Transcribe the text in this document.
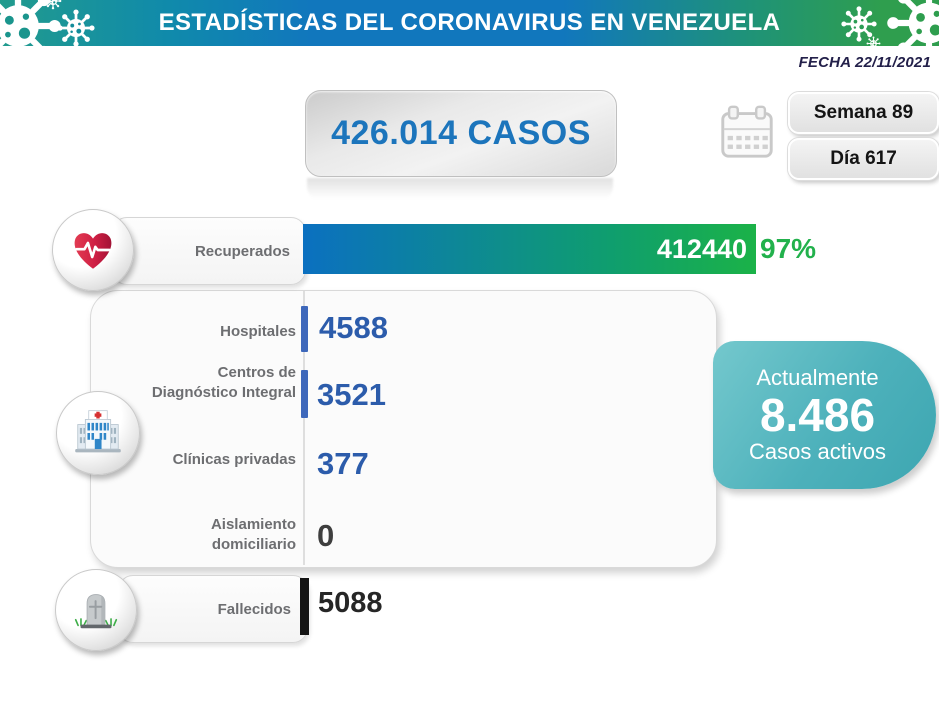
ESTADÍSTICAS DEL CORONAVIRUS EN VENEZUELA
FECHA 22/11/2021
426.014 CASOS
Semana 89
Día 617
Recuperados	412440 97%
Hospitales 4588
Centros de
Diagnóstico Integral 3521
Clínicas privadas 377
Aislamiento
domiciliario 0
Actualmente
8.486
Casos activos
Fallecidos 5088
